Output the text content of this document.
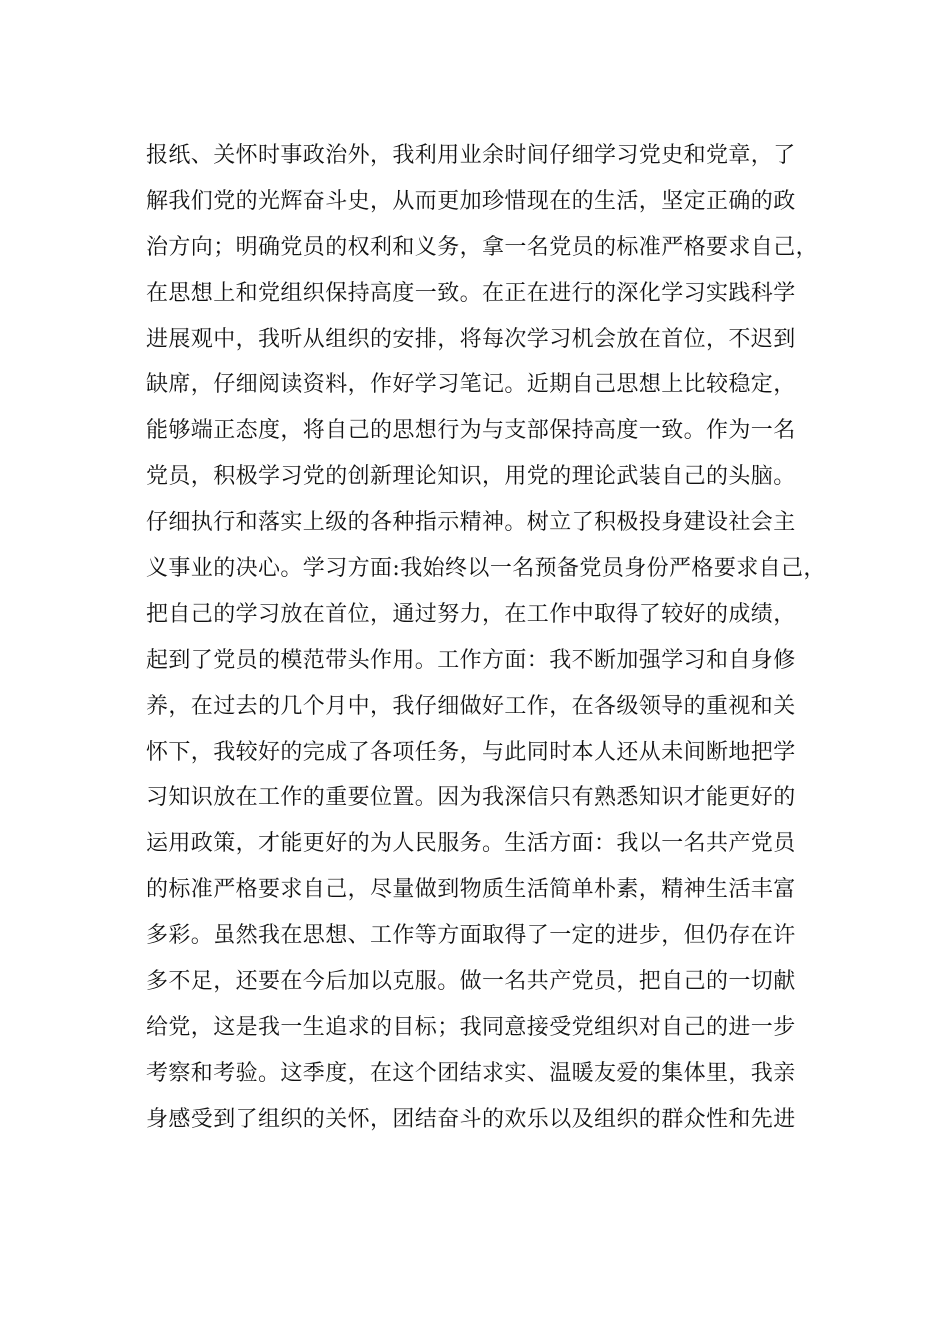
报纸、关怀时事政治外，我利用业余时间仔细学习党史和党章，了
解我们党的光辉奋斗史，从而更加珍惜现在的生活，坚定正确的政
治方向；明确党员的权利和义务，拿一名党员的标准严格要求自己，
在思想上和党组织保持高度一致。在正在进行的深化学习实践科学
进展观中，我听从组织的安排，将每次学习机会放在首位，不迟到
缺席，仔细阅读资料，作好学习笔记。近期自己思想上比较稳定，
能够端正态度，将自己的思想行为与支部保持高度一致。作为一名
党员，积极学习党的创新理论知识，用党的理论武装自己的头脑。
仔细执行和落实上级的各种指示精神。树立了积极投身建设社会主
义事业的决心。学习方面:我始终以一名预备党员身份严格要求自己，
把自己的学习放在首位，通过努力，在工作中取得了较好的成绩，
起到了党员的模范带头作用。工作方面：我不断加强学习和自身修
养，在过去的几个月中，我仔细做好工作，在各级领导的重视和关
怀下，我较好的完成了各项任务，与此同时本人还从未间断地把学
习知识放在工作的重要位置。因为我深信只有熟悉知识才能更好的
运用政策，才能更好的为人民服务。生活方面：我以一名共产党员
的标准严格要求自己，尽量做到物质生活简单朴素，精神生活丰富
多彩。虽然我在思想、工作等方面取得了一定的进步，但仍存在许
多不足，还要在今后加以克服。做一名共产党员，把自己的一切献
给党，这是我一生追求的目标；我同意接受党组织对自己的进一步
考察和考验。这季度，在这个团结求实、温暖友爱的集体里，我亲
身感受到了组织的关怀，团结奋斗的欢乐以及组织的群众性和先进
